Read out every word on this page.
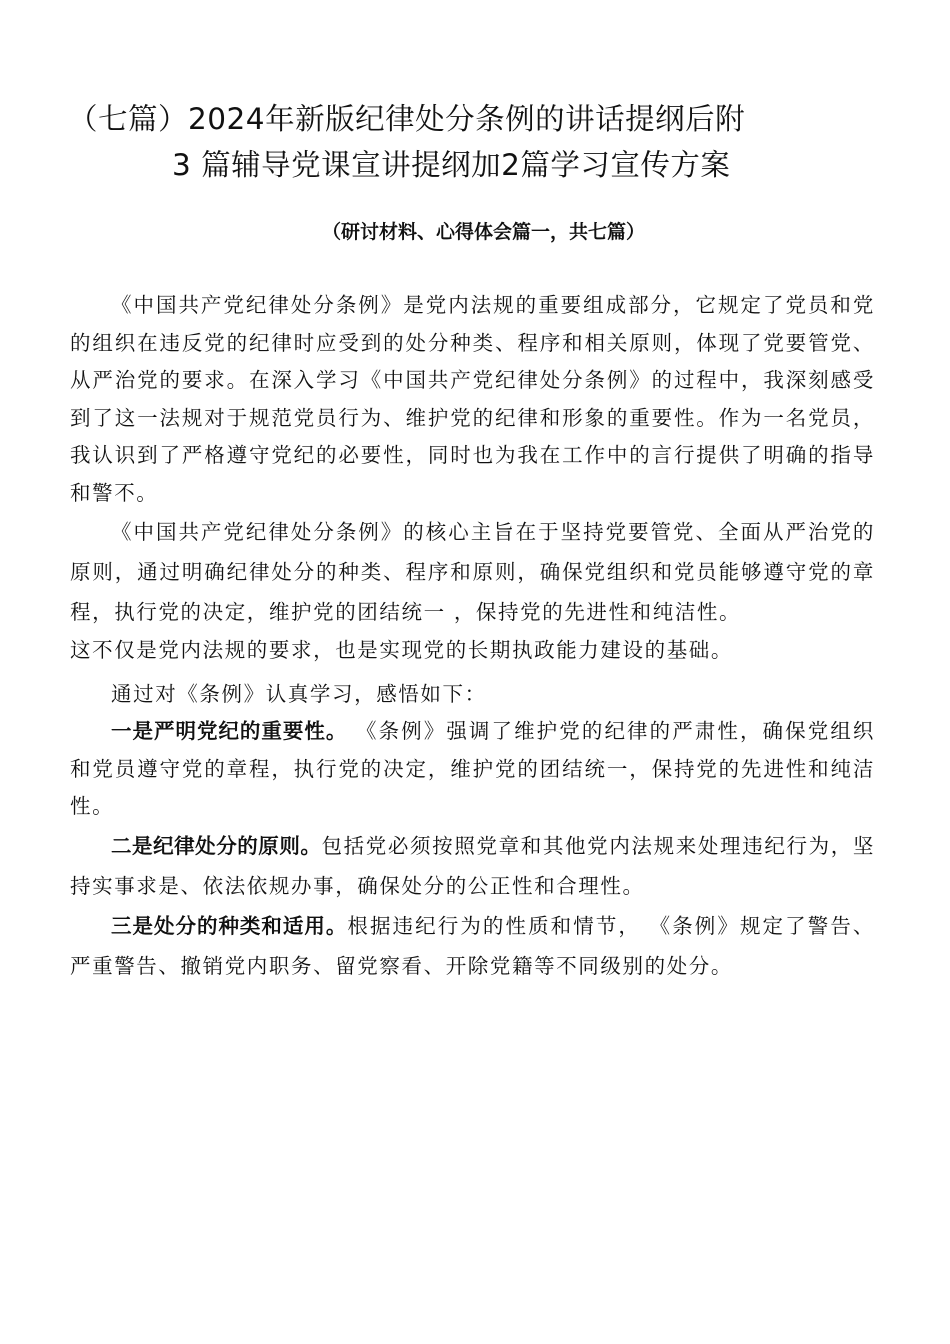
（七篇）2024年新版纪律处分条例的讲话提纲后附
3 篇辅导党课宣讲提纲加2篇学习宣传方案
（研讨材料、心得体会篇一，共七篇）

《中国共产党纪律处分条例》是党内法规的重要组成部分，它规定了党员和党的组织在违反党的纪律时应受到的处分种类、程序和相关原则，体现了党要管党、从严治党的要求。在深入学习《中国共产党纪律处分条例》的过程中，我深刻感受到了这一法规对于规范党员行为、维护党的纪律和形象的重要性。作为一名党员，我认识到了严格遵守党纪的必要性，同时也为我在工作中的言行提供了明确的指导和警不。

《中国共产党纪律处分条例》的核心主旨在于坚持党要管党、全面从严治党的原则，通过明确纪律处分的种类、程序和原则，确保党组织和党员能够遵守党的章程，执行党的决定，维护党的团结统一 ，保持党的先进性和纯洁性。

这不仅是党内法规的要求，也是实现党的长期执政能力建设的基础。

通过对《条例》认真学习，感悟如下：

一是严明党纪的重要性。 《条例》强调了维护党的纪律的严肃性，确保党组织和党员遵守党的章程，执行党的决定，维护党的团结统一，保持党的先进性和纯洁性。

二是纪律处分的原则。包括党必须按照党章和其他党内法规来处理违纪行为，坚持实事求是、依法依规办事，确保处分的公正性和合理性。

三是处分的种类和适用。根据违纪行为的性质和情节， 《条例》规定了警告、严重警告、撤销党内职务、留党察看、开除党籍等不同级别的处分。
